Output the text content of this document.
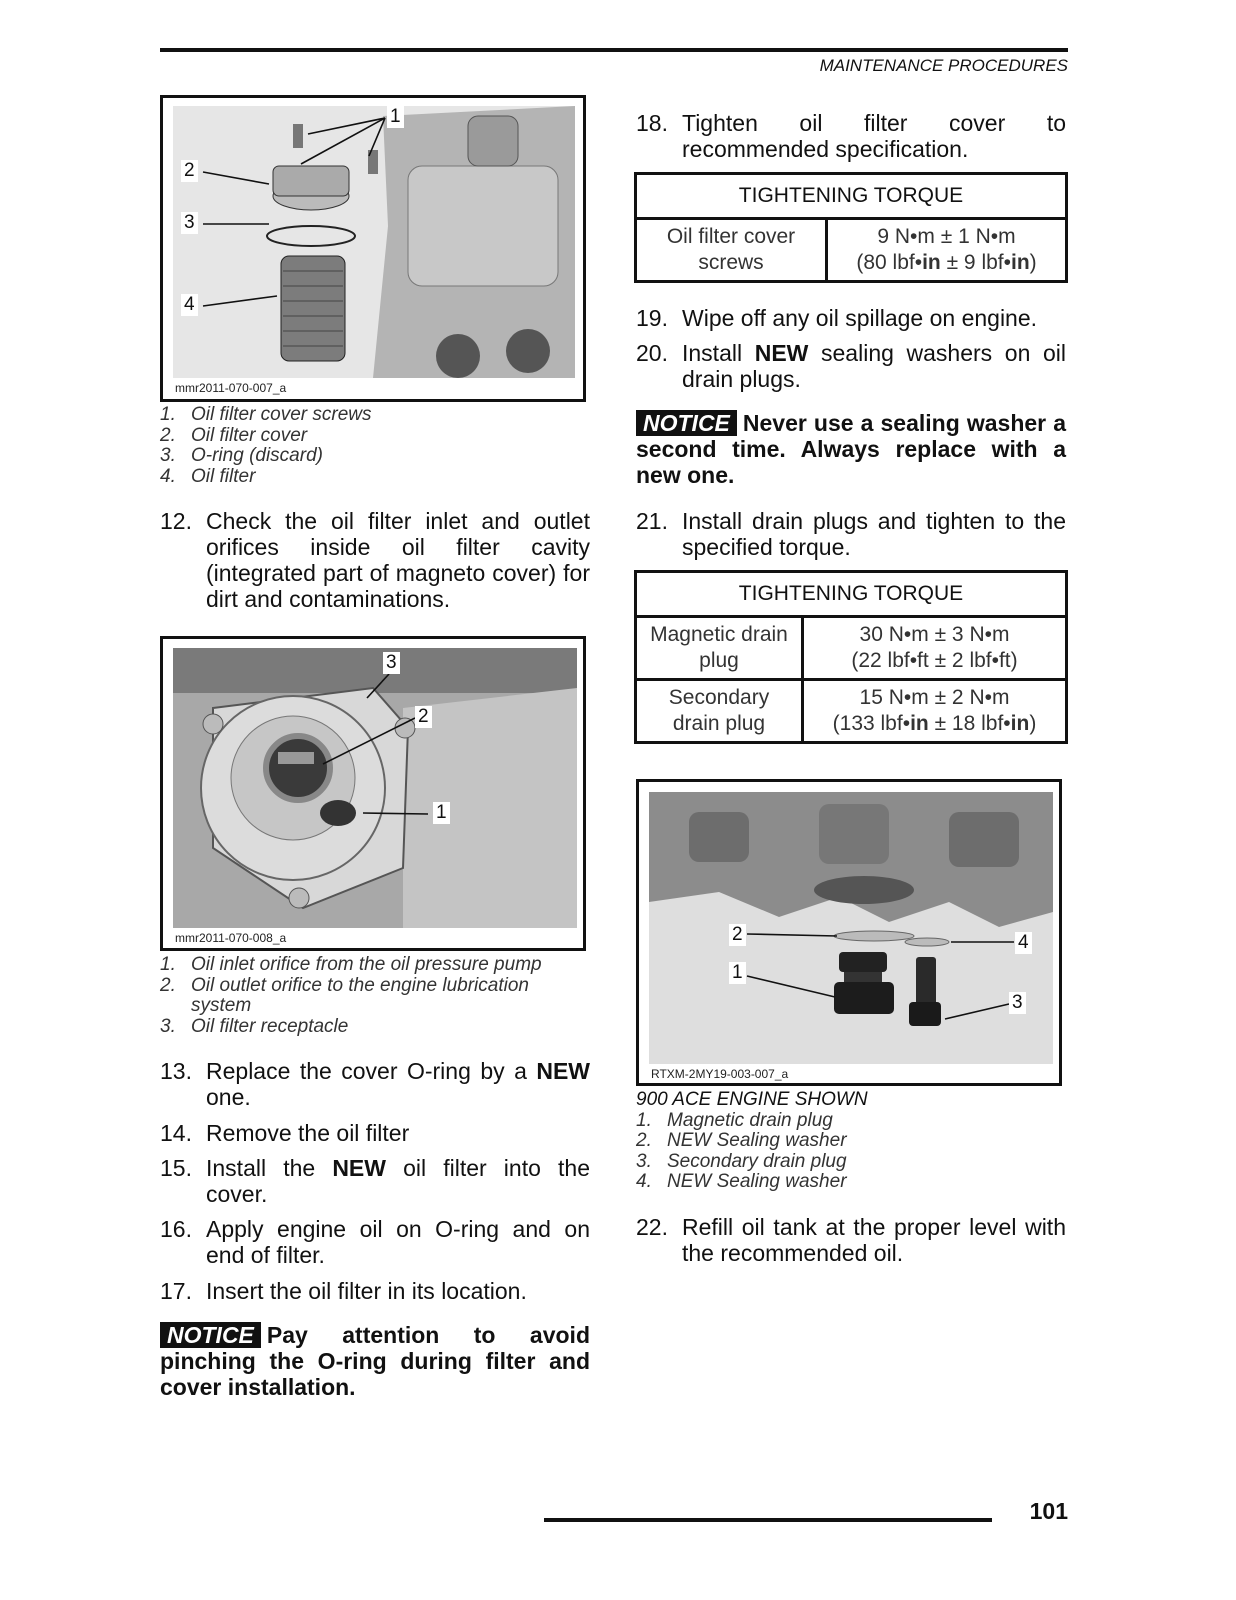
MAINTENANCE PROCEDURES
1
2
3
4
mmr2011-070-007_a
1. Oil filter cover screws
2. Oil filter cover
3. O-ring (discard)
4. Oil filter
12. Check the oil filter inlet and outlet orifices inside oil filter cavity (integrated part of magneto cover) for dirt and contaminations.
3
2
1
mmr2011-070-008_a
1. Oil inlet orifice from the oil pressure pump
2. Oil outlet orifice to the engine lubrication system
3. Oil filter receptacle
13. Replace the cover O-ring by a NEW one.
14. Remove the oil filter
15. Install the NEW oil filter into the cover.
16. Apply engine oil on O-ring and on end of filter.
17. Insert the oil filter in its location.
NOTICE Pay attention to avoid pinching the O-ring during filter and cover installation.
18. Tighten oil filter cover to recommended specification.
TIGHTENING TORQUE
Oil filter cover screws	9 N•m ± 1 N•m
(80 lbf•in ± 9 lbf•in)
19. Wipe off any oil spillage on engine.
20. Install NEW sealing washers on oil drain plugs.
NOTICE Never use a sealing washer a second time. Always replace with a new one.
21. Install drain plugs and tighten to the specified torque.
TIGHTENING TORQUE	
Magnetic drain plug	30 N•m ± 3 N•m
(22 lbf•ft ± 2 lbf•ft)
Secondary drain plug	15 N•m ± 2 N•m
(133 lbf•in ± 18 lbf•in)
2	4
1
3
RTXM-2MY19-003-007_a
900 ACE ENGINE SHOWN
1. Magnetic drain plug
2. NEW Sealing washer
3. Secondary drain plug
4. NEW Sealing washer
22. Refill oil tank at the proper level with the recommended oil.
101
